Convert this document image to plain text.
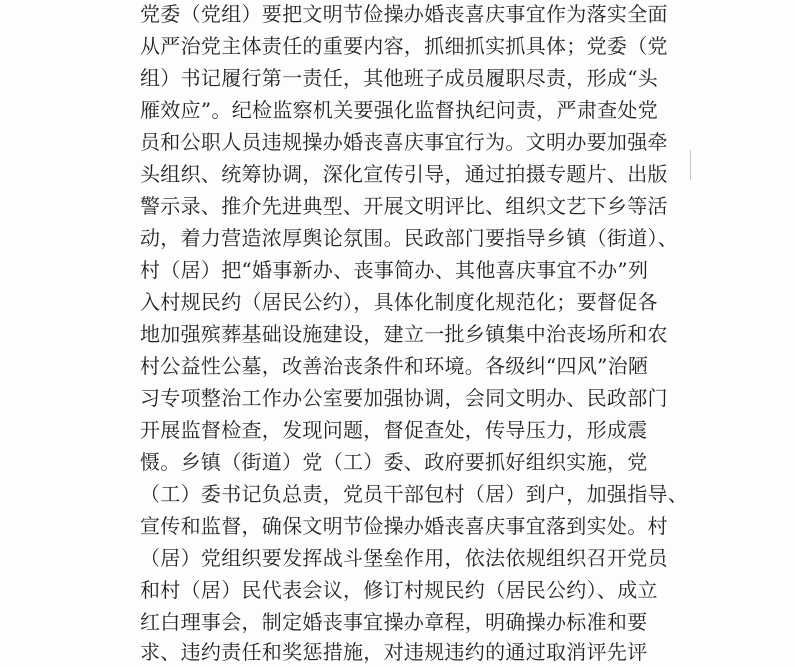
党委（党组）要把文明节俭操办婚丧喜庆事宜作为落实全面
从严治党主体责任的重要内容，抓细抓实抓具体；党委（党
组）书记履行第一责任，其他班子成员履职尽责，形成“头
雁效应”。纪检监察机关要强化监督执纪问责，严肃查处党
员和公职人员违规操办婚丧喜庆事宜行为。文明办要加强牵
头组织、统筹协调，深化宣传引导，通过拍摄专题片、出版
警示录、推介先进典型、开展文明评比、组织文艺下乡等活
动，着力营造浓厚舆论氛围。民政部门要指导乡镇（街道）、
村（居）把“婚事新办、丧事简办、其他喜庆事宜不办”列
入村规民约（居民公约），具体化制度化规范化；要督促各
地加强殡葬基础设施建设，建立一批乡镇集中治丧场所和农
村公益性公墓，改善治丧条件和环境。各级纠“四风”治陋
习专项整治工作办公室要加强协调，会同文明办、民政部门
开展监督检查，发现问题，督促查处，传导压力，形成震
慑。乡镇（街道）党（工）委、政府要抓好组织实施，党
（工）委书记负总责，党员干部包村（居）到户，加强指导、
宣传和监督，确保文明节俭操办婚丧喜庆事宜落到实处。村
（居）党组织要发挥战斗堡垒作用，依法依规组织召开党员
和村（居）民代表会议，修订村规民约（居民公约）、成立
红白理事会，制定婚丧事宜操办章程，明确操办标准和要
求、违约责任和奖惩措施，对违规违约的通过取消评先评
